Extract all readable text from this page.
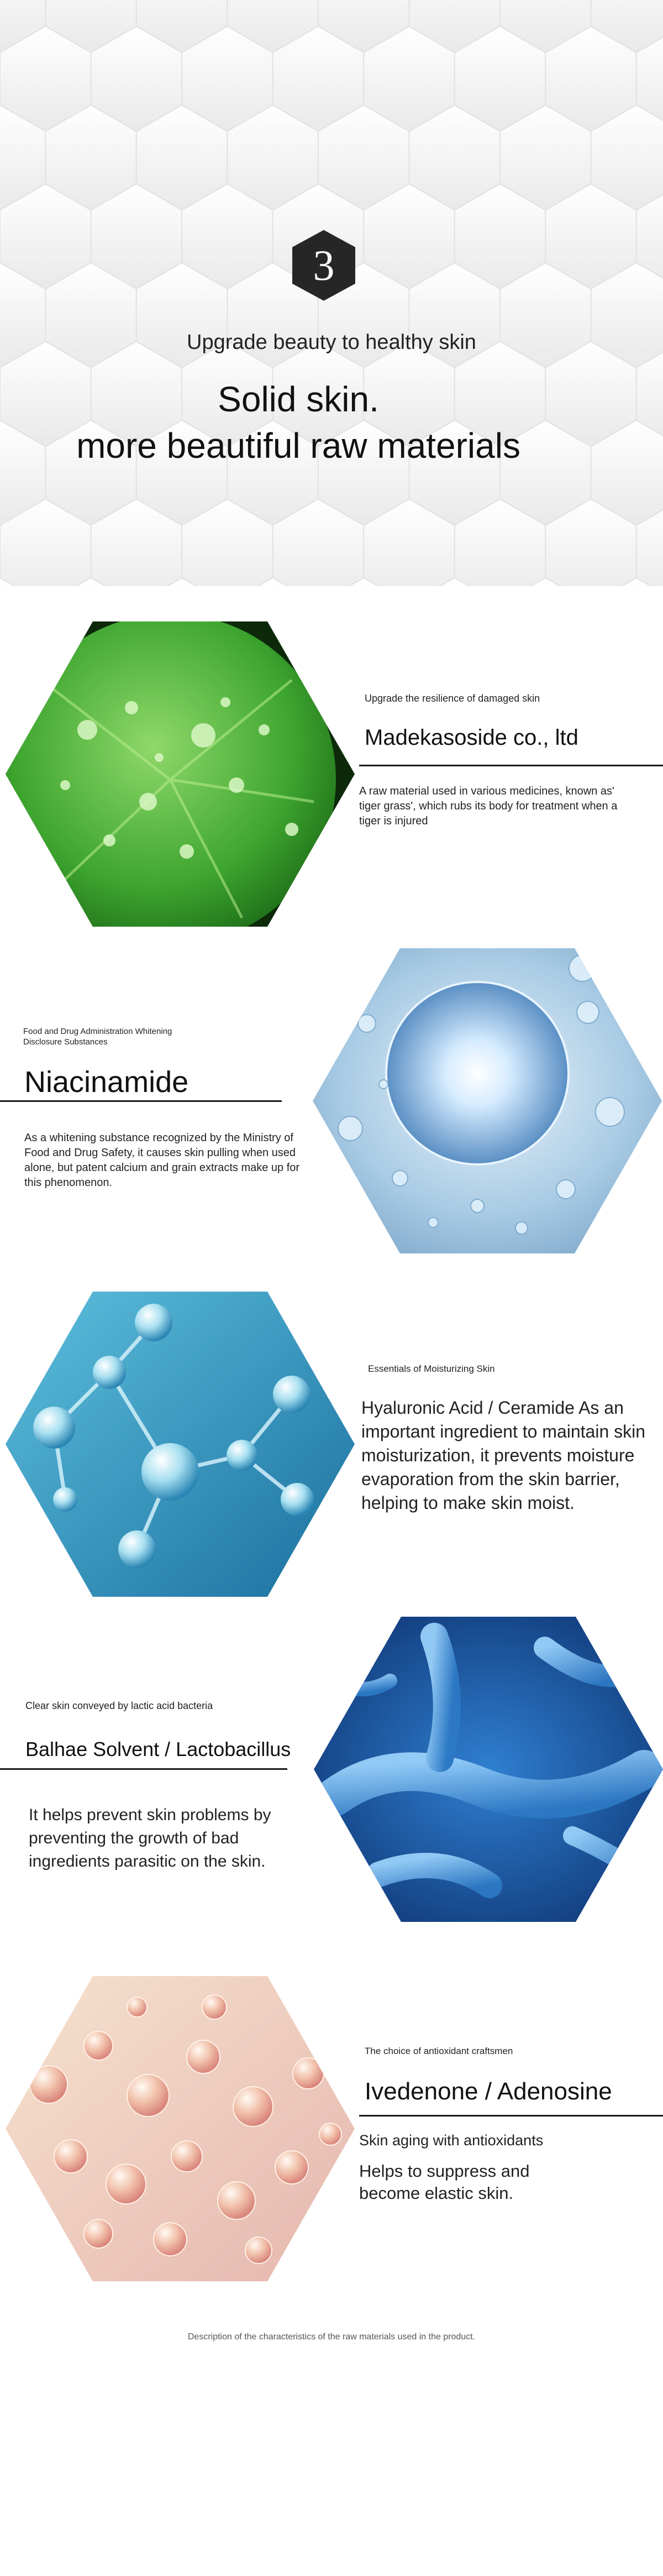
3
Upgrade beauty to healthy skin
Solid skin.
more beautiful raw materials
Upgrade the resilience of damaged skin
Madekasoside co., ltd
A raw material used in various medicines, known as' tiger grass', which rubs its body for treatment when a tiger is injured
Food and Drug Administration Whitening Disclosure Substances
Niacinamide
As a whitening substance recognized by the Ministry of Food and Drug Safety, it causes skin pulling when used alone, but patent calcium and grain extracts make up for this phenomenon.
Essentials of Moisturizing Skin
Hyaluronic Acid / Ceramide As an important ingredient to maintain skin moisturization, it prevents moisture evaporation from the skin barrier, helping to make skin moist.
Clear skin conveyed by lactic acid bacteria
Balhae Solvent / Lactobacillus
It helps prevent skin problems by preventing the growth of bad ingredients parasitic on the skin.
The choice of antioxidant craftsmen
Ivedenone / Adenosine
Skin aging with antioxidants
Helps to suppress and become elastic skin.
Description of the characteristics of the raw materials used in the product.
